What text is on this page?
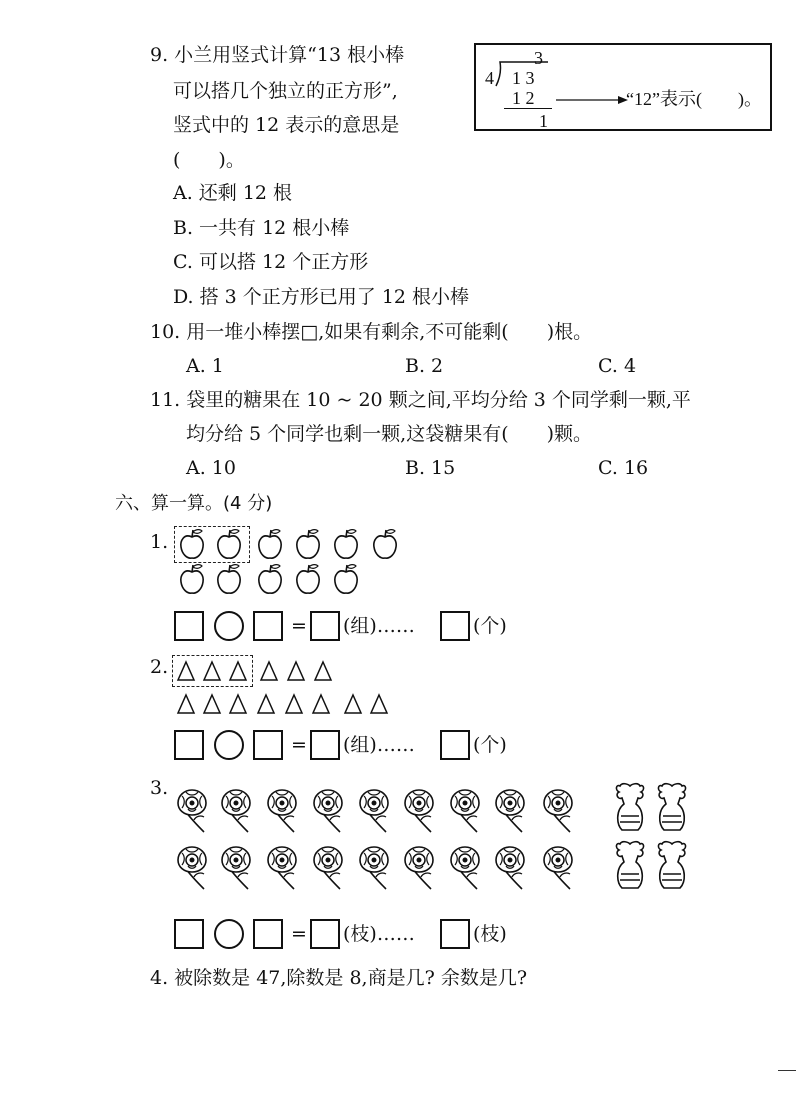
9. 小兰用竖式计算“13 根小棒
可以搭几个独立的正方形”,
竖式中的 12 表示的意思是
(　　)。
A. 还剩 12 根
B. 一共有 12 根小棒
C. 可以搭 12 个正方形
D. 搭 3 个正方形已用了 12 根小棒
3
4 1 3
1 2
1
“12”表示(　　)。
10. 用一堆小棒摆□,如果有剩余,不可能剩(　　)根。
A. 1	B. 2	C. 4
11. 袋里的糖果在 10 ~ 20 颗之间,平均分给 3 个同学剩一颗,平
均分给 5 个同学也剩一颗,这袋糖果有(　　)颗。
A. 10	B. 15	C. 16
六、算一算。(4 分)
1.
= (组)……	(个)
2.
= (组)……	(个)
3.
= (枝)……	(枝)
4. 被除数是 47,除数是 8,商是几? 余数是几?
